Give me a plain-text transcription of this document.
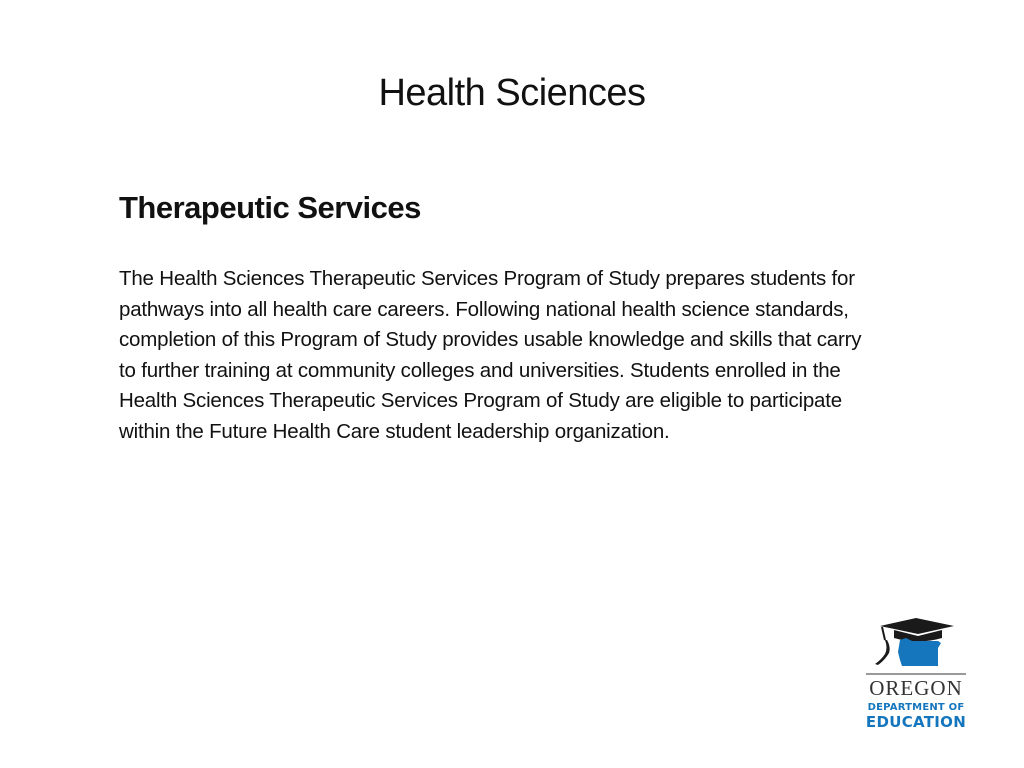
Health Sciences
Therapeutic Services

The Health Sciences Therapeutic Services Program of Study prepares students for pathways into all health care careers. Following national health science standards, completion of this Program of Study provides usable knowledge and skills that carry to further training at community colleges and universities. Students enrolled in the Health Sciences Therapeutic Services Program of Study are eligible to participate within the Future Health Care student leadership organization.

OREGON
DEPARTMENT OF
EDUCATION
